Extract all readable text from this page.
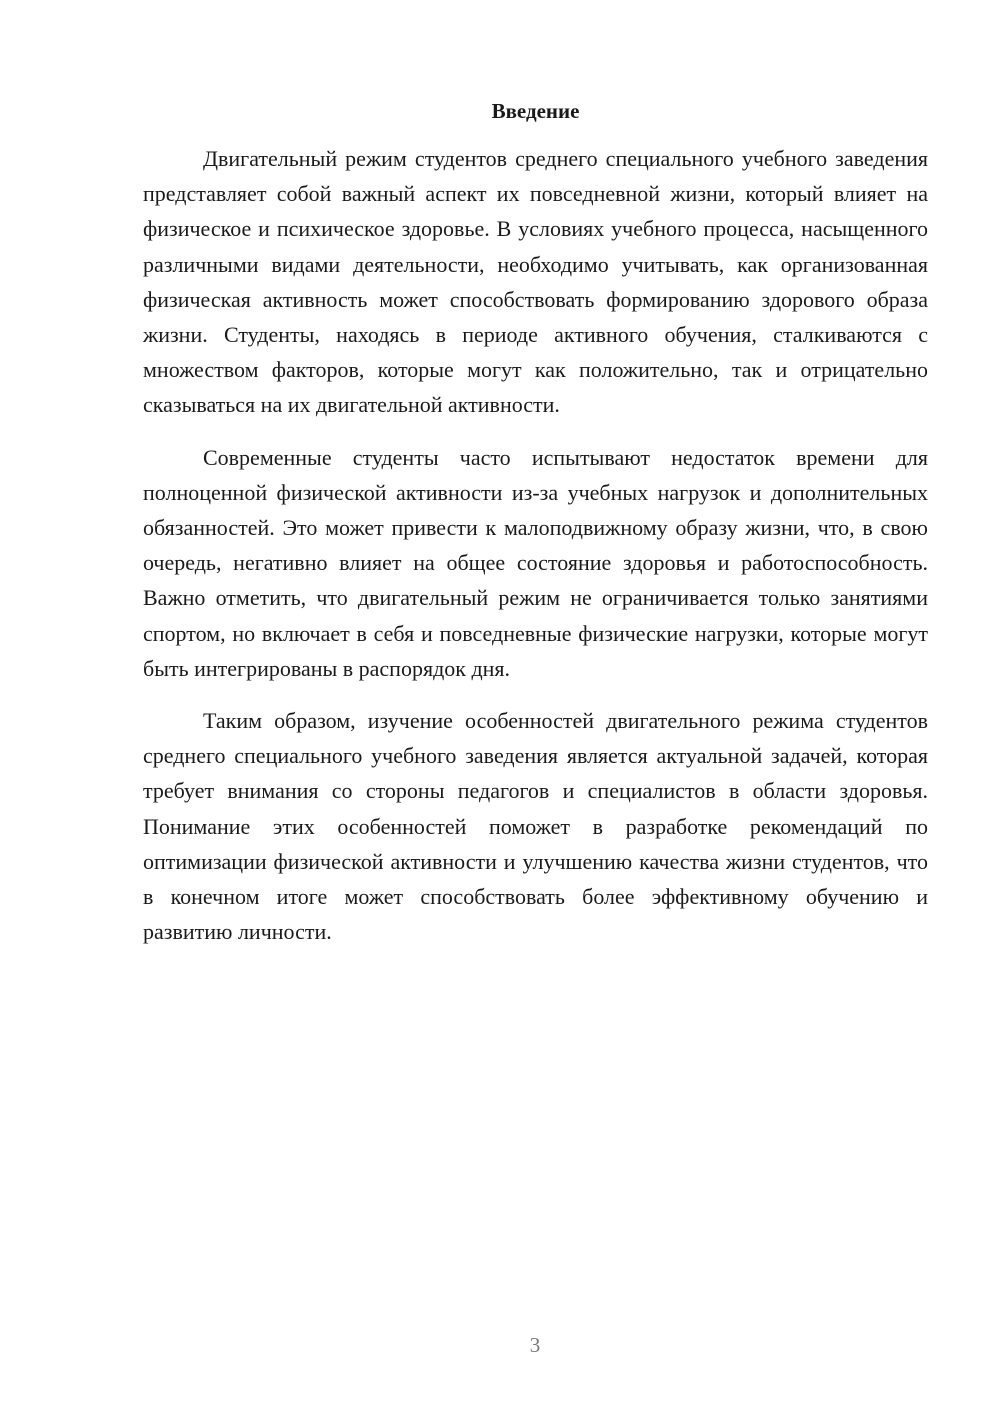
Введение

Двигательный режим студентов среднего специального учебного заведения представляет собой важный аспект их повседневной жизни, который влияет на физическое и психическое здоровье. В условиях учебного процесса, насыщенного различными видами деятельности, необходимо учитывать, как организованная физическая активность может способствовать формированию здорового образа жизни. Студенты, находясь в периоде активного обучения, сталкиваются с множеством факторов, которые могут как положительно, так и отрицательно сказываться на их двигательной активности.

Современные студенты часто испытывают недостаток времени для полноценной физической активности из-за учебных нагрузок и дополнительных обязанностей. Это может привести к малоподвижному образу жизни, что, в свою очередь, негативно влияет на общее состояние здоровья и работоспособность. Важно отметить, что двигательный режим не ограничивается только занятиями спортом, но включает в себя и повседневные физические нагрузки, которые могут быть интегрированы в распорядок дня.

Таким образом, изучение особенностей двигательного режима студентов среднего специального учебного заведения является актуальной задачей, которая требует внимания со стороны педагогов и специалистов в области здоровья. Понимание этих особенностей поможет в разработке рекомендаций по оптимизации физической активности и улучшению качества жизни студентов, что в конечном итоге может способствовать более эффективному обучению и развитию личности.

3
